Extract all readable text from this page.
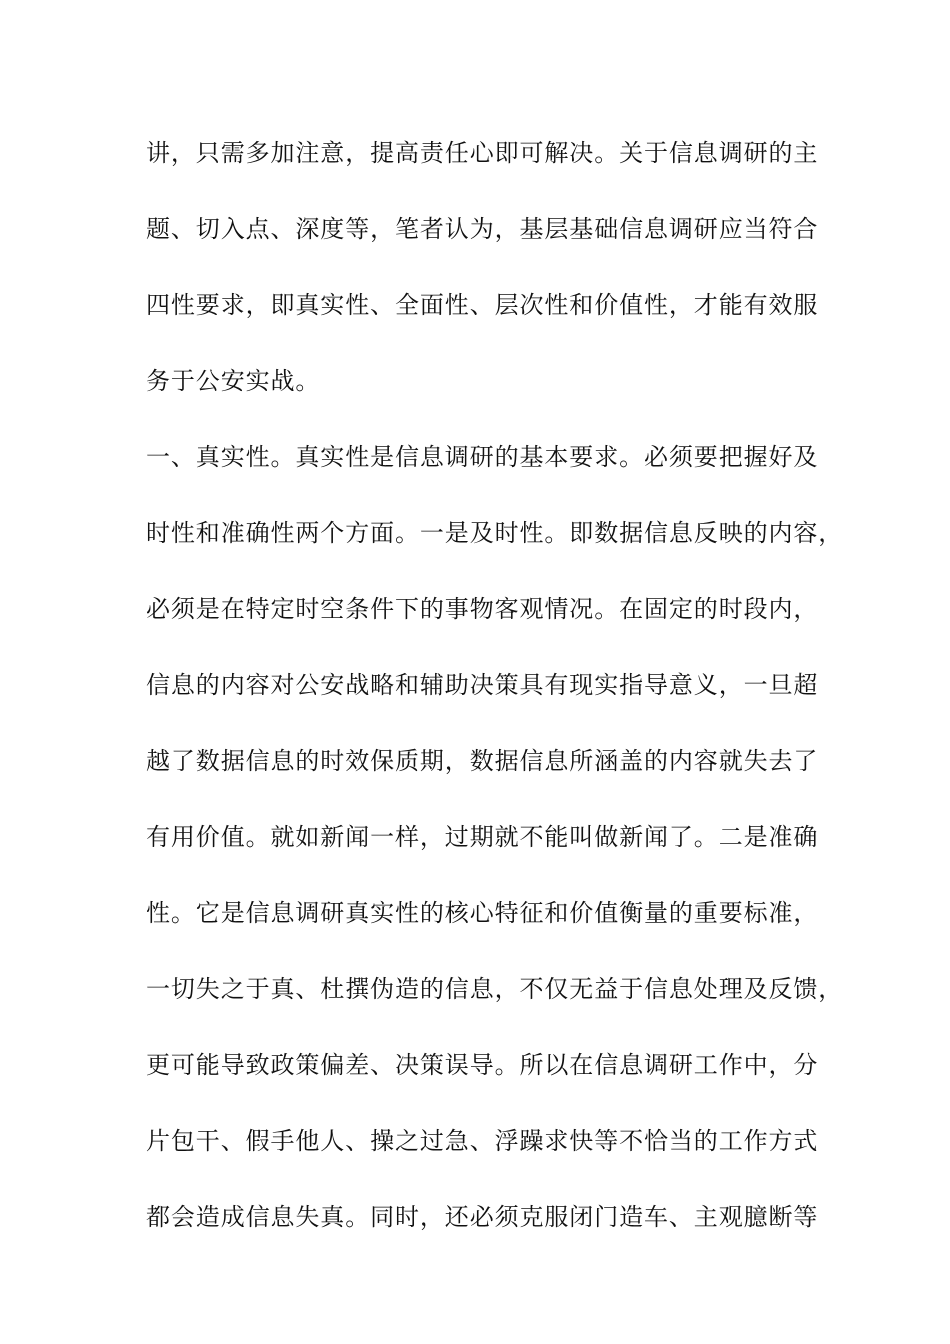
讲，只需多加注意，提高责任心即可解决。关于信息调研的主
题、切入点、深度等，笔者认为，基层基础信息调研应当符合
四性要求，即真实性、全面性、层次性和价值性，才能有效服
务于公安实战。
一、真实性。真实性是信息调研的基本要求。必须要把握好及
时性和准确性两个方面。一是及时性。即数据信息反映的内容，
必须是在特定时空条件下的事物客观情况。在固定的时段内，
信息的内容对公安战略和辅助决策具有现实指导意义，一旦超
越了数据信息的时效保质期，数据信息所涵盖的内容就失去了
有用价值。就如新闻一样，过期就不能叫做新闻了。二是准确
性。它是信息调研真实性的核心特征和价值衡量的重要标准，
一切失之于真、杜撰伪造的信息，不仅无益于信息处理及反馈，
更可能导致政策偏差、决策误导。所以在信息调研工作中，分
片包干、假手他人、操之过急、浮躁求快等不恰当的工作方式
都会造成信息失真。同时，还必须克服闭门造车、主观臆断等
